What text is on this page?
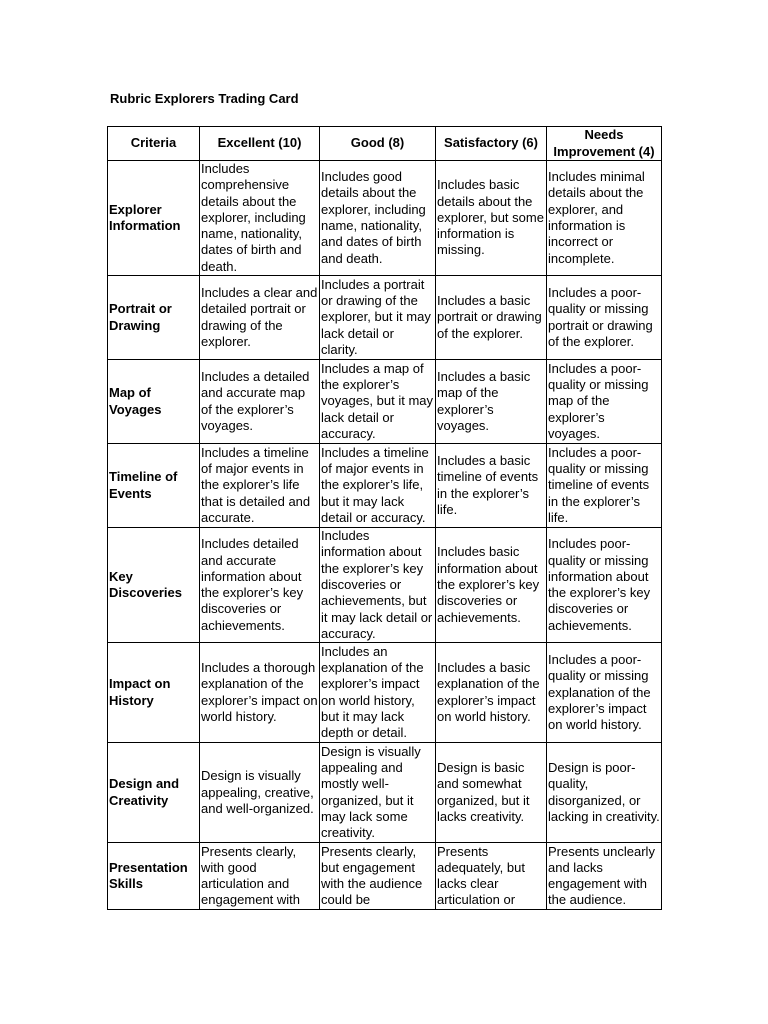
Rubric Explorers Trading Card
Criteria	Excellent (10)	Good (8)	Satisfactory (6)	Needs Improvement (4)
Explorer Information	Includes comprehensive details about the explorer, including name, nationality, dates of birth and death.	Includes good details about the explorer, including name, nationality, and dates of birth and death.	Includes basic details about the explorer, but some information is missing.	Includes minimal details about the explorer, and information is incorrect or incomplete.
Portrait or Drawing	Includes a clear and detailed portrait or drawing of the explorer.	Includes a portrait or drawing of the explorer, but it may lack detail or clarity.	Includes a basic portrait or drawing of the explorer.	Includes a poor-quality or missing portrait or drawing of the explorer.
Map of Voyages	Includes a detailed and accurate map of the explorer’s voyages.	Includes a map of the explorer’s voyages, but it may lack detail or accuracy.	Includes a basic map of the explorer’s voyages.	Includes a poor-quality or missing map of the explorer’s voyages.
Timeline of Events	Includes a timeline of major events in the explorer’s life that is detailed and accurate.	Includes a timeline of major events in the explorer’s life, but it may lack detail or accuracy.	Includes a basic timeline of events in the explorer’s life.	Includes a poor-quality or missing timeline of events in the explorer’s life.
Key Discoveries	Includes detailed and accurate information about the explorer’s key discoveries or achievements.	Includes information about the explorer’s key discoveries or achievements, but it may lack detail or accuracy.	Includes basic information about the explorer’s key discoveries or achievements.	Includes poor-quality or missing information about the explorer’s key discoveries or achievements.
Impact on History	Includes a thorough explanation of the explorer’s impact on world history.	Includes an explanation of the explorer’s impact on world history, but it may lack depth or detail.	Includes a basic explanation of the explorer’s impact on world history.	Includes a poor-quality or missing explanation of the explorer’s impact on world history.
Design and Creativity	Design is visually appealing, creative, and well-organized.	Design is visually appealing and mostly well-organized, but it may lack some creativity.	Design is basic and somewhat organized, but it lacks creativity.	Design is poor-quality, disorganized, or lacking in creativity.
Presentation Skills	Presents clearly, with good articulation and engagement with	Presents clearly, but engagement with the audience could be	Presents adequately, but lacks clear articulation or	Presents unclearly and lacks engagement with the audience.
